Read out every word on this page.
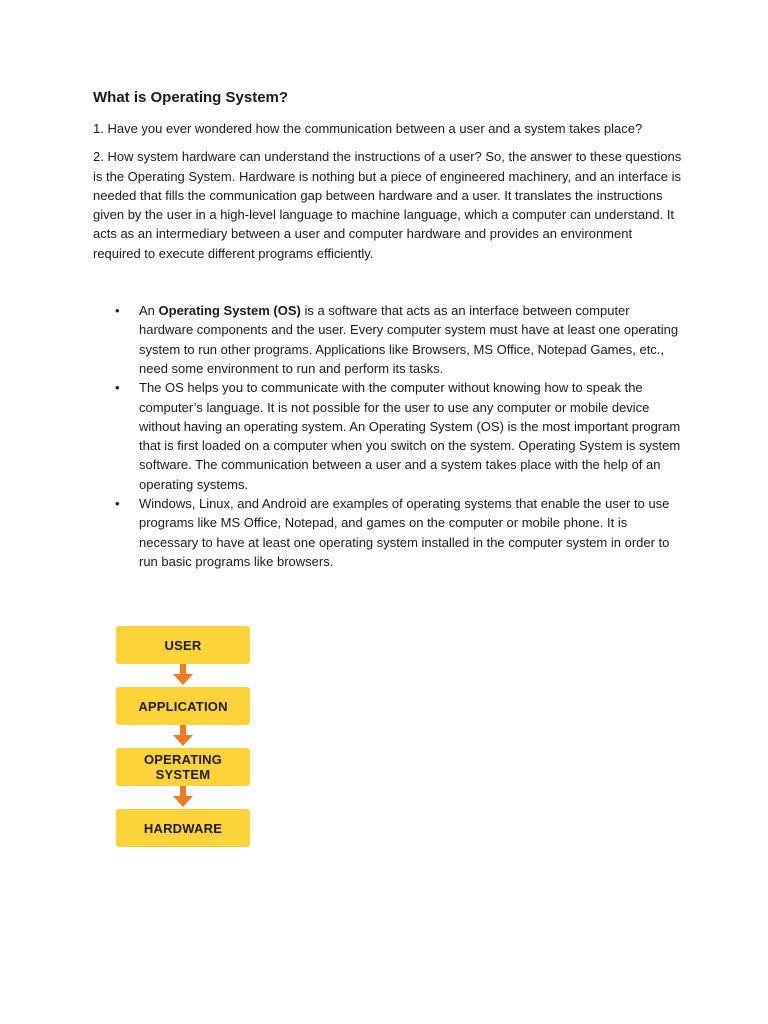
What is Operating System?

1. Have you ever wondered how the communication between a user and a system takes place?

2. How system hardware can understand the instructions of a user? So, the answer to these questions is the Operating System. Hardware is nothing but a piece of engineered machinery, and an interface is needed that fills the communication gap between hardware and a user. It translates the instructions given by the user in a high-level language to machine language, which a computer can understand. It acts as an intermediary between a user and computer hardware and provides an environment required to execute different programs efficiently.

• An Operating System (OS) is a software that acts as an interface between computer hardware components and the user. Every computer system must have at least one operating system to run other programs. Applications like Browsers, MS Office, Notepad Games, etc., need some environment to run and perform its tasks.
• The OS helps you to communicate with the computer without knowing how to speak the computer’s language. It is not possible for the user to use any computer or mobile device without having an operating system. An Operating System (OS) is the most important program that is first loaded on a computer when you switch on the system. Operating System is system software. The communication between a user and a system takes place with the help of an operating systems.
• Windows, Linux, and Android are examples of operating systems that enable the user to use programs like MS Office, Notepad, and games on the computer or mobile phone. It is necessary to have at least one operating system installed in the computer system in order to run basic programs like browsers.
USER
APPLICATION
OPERATING
SYSTEM
HARDWARE
